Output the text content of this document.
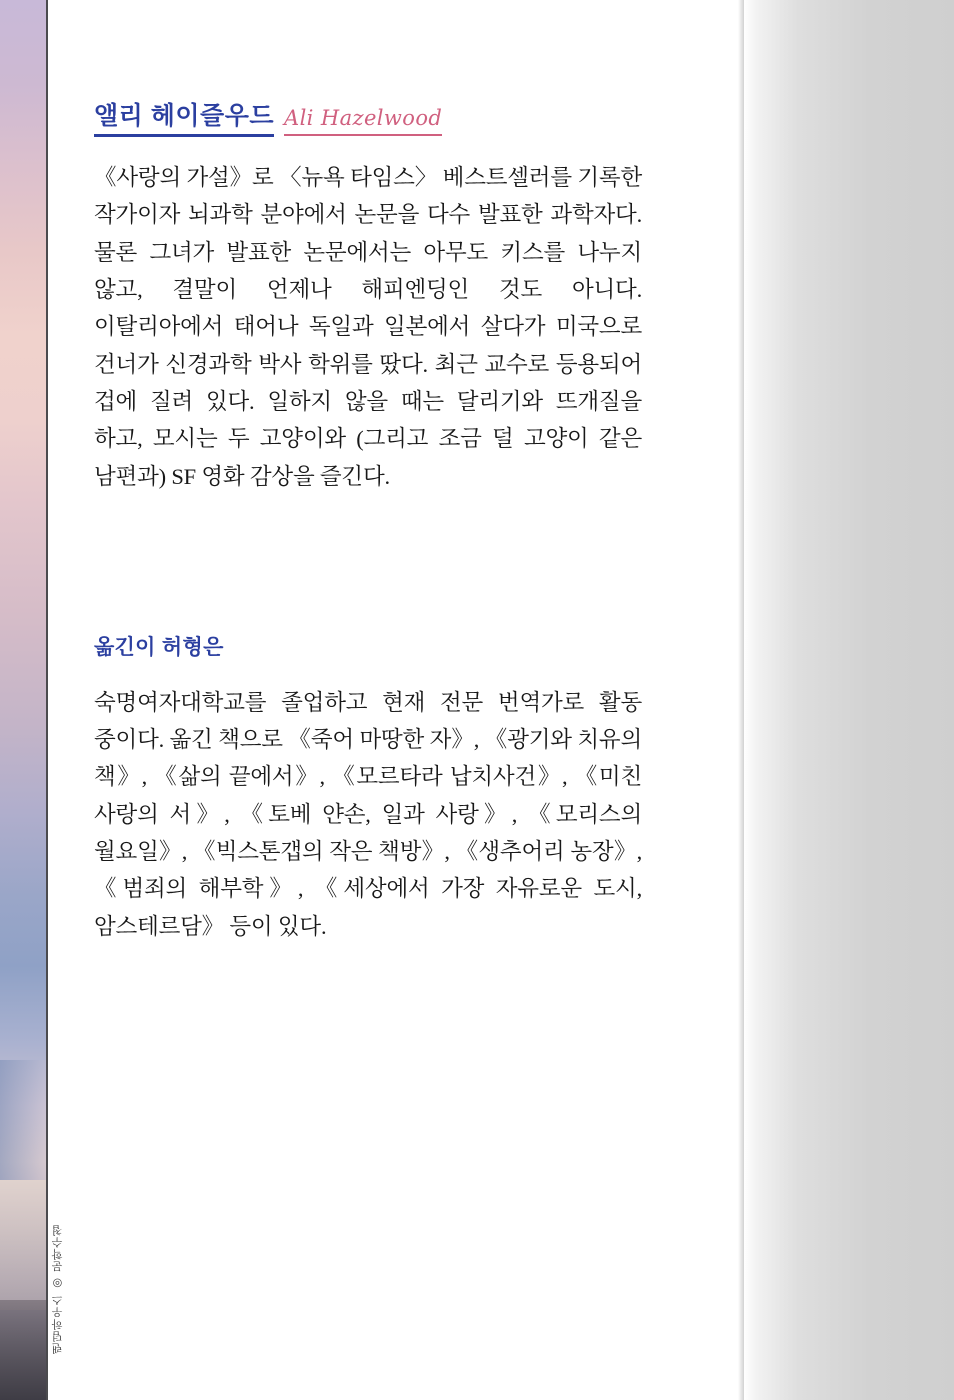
랜덤하우스 ◎ 문학수첩
앨리 헤이즐우드 Ali Hazelwood

《사랑의 가설》로 〈뉴욕 타임스〉 베스트셀러를 기록한 작가이자 뇌과학 분야에서 논문을 다수 발표한 과학자다. 물론 그녀가 발표한 논문에서는 아무도 키스를 나누지 않고, 결말이 언제나 해피엔딩인 것도 아니다. 이탈리아에서 태어나 독일과 일본에서 살다가 미국으로 건너가 신경과학 박사 학위를 땄다. 최근 교수로 등용되어 겁에 질려 있다. 일하지 않을 때는 달리기와 뜨개질을 하고, 모시는 두 고양이와 (그리고 조금 덜 고양이 같은 남편과) SF 영화 감상을 즐긴다.

옮긴이 허형은

숙명여자대학교를 졸업하고 현재 전문 번역가로 활동 중이다. 옮긴 책으로 《죽어 마땅한 자》, 《광기와 치유의 책》, 《삶의 끝에서》, 《모르타라 납치사건》, 《미친 사랑의 서》, 《토베 얀손, 일과 사랑》, 《모리스의 월요일》, 《빅스톤갭의 작은 책방》, 《생추어리 농장》, 《범죄의 해부학》, 《세상에서 가장 자유로운 도시, 암스테르담》 등이 있다.
